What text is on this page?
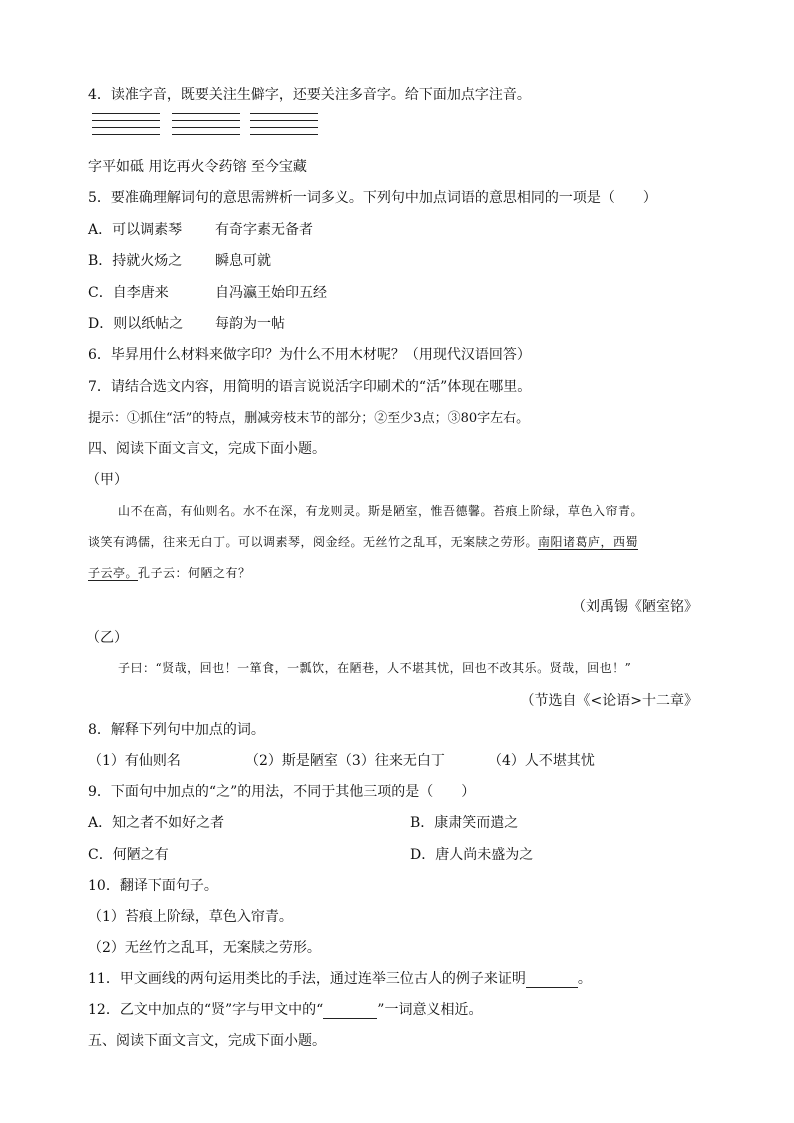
4．读准字音，既要关注生僻字，还要关注多音字。给下面加点字注音。
字平如砥 用讫再火令药镕 至今宝藏
5．要准确理解词句的意思需辨析一词多义。下列句中加点词语的意思相同的一项是（　　）
A．可以调素琴 有奇字素无备者
B．持就火炀之 瞬息可就
C．自李唐来	自冯瀛王始印五经
D．则以纸帖之 每韵为一帖
6．毕昇用什么材料来做字印？为什么不用木材呢？（用现代汉语回答）
7．请结合选文内容，用简明的语言说说活字印刷术的“活”体现在哪里。
提示：①抓住“活”的特点，删减旁枝末节的部分；②至少3点；③80字左右。
四、阅读下面文言文，完成下面小题。
（甲）
山不在高，有仙则名。水不在深，有龙则灵。斯是陋室，惟吾德馨。苔痕上阶绿，草色入帘青。
谈笑有鸿儒，往来无白丁。可以调素琴，阅金经。无丝竹之乱耳，无案牍之劳形。南阳诸葛庐，西蜀
子云亭。孔子云：何陋之有？
（刘禹锡《陋室铭》
（乙）
子曰：“贤哉，回也！一箪食，一瓢饮，在陋巷，人不堪其忧，回也不改其乐。贤哉，回也！”
（节选自《<论语>十二章》
8．解释下列句中加点的词。
（1）有仙则名	（2）斯是陋室（3）往来无白丁	（4）人不堪其忧
9．下面句中加点的“之”的用法，不同于其他三项的是（　　）
A．知之者不如好之者	B．康肃笑而遣之
C．何陋之有	D．唐人尚未盛为之
10．翻译下面句子。
（1）苔痕上阶绿，草色入帘青。
（2）无丝竹之乱耳，无案牍之劳形。
11．甲文画线的两句运用类比的手法，通过连举三位古人的例子来证明	。
12．乙文中加点的“贤”字与甲文中的“	”一词意义相近。
五、阅读下面文言文，完成下面小题。
